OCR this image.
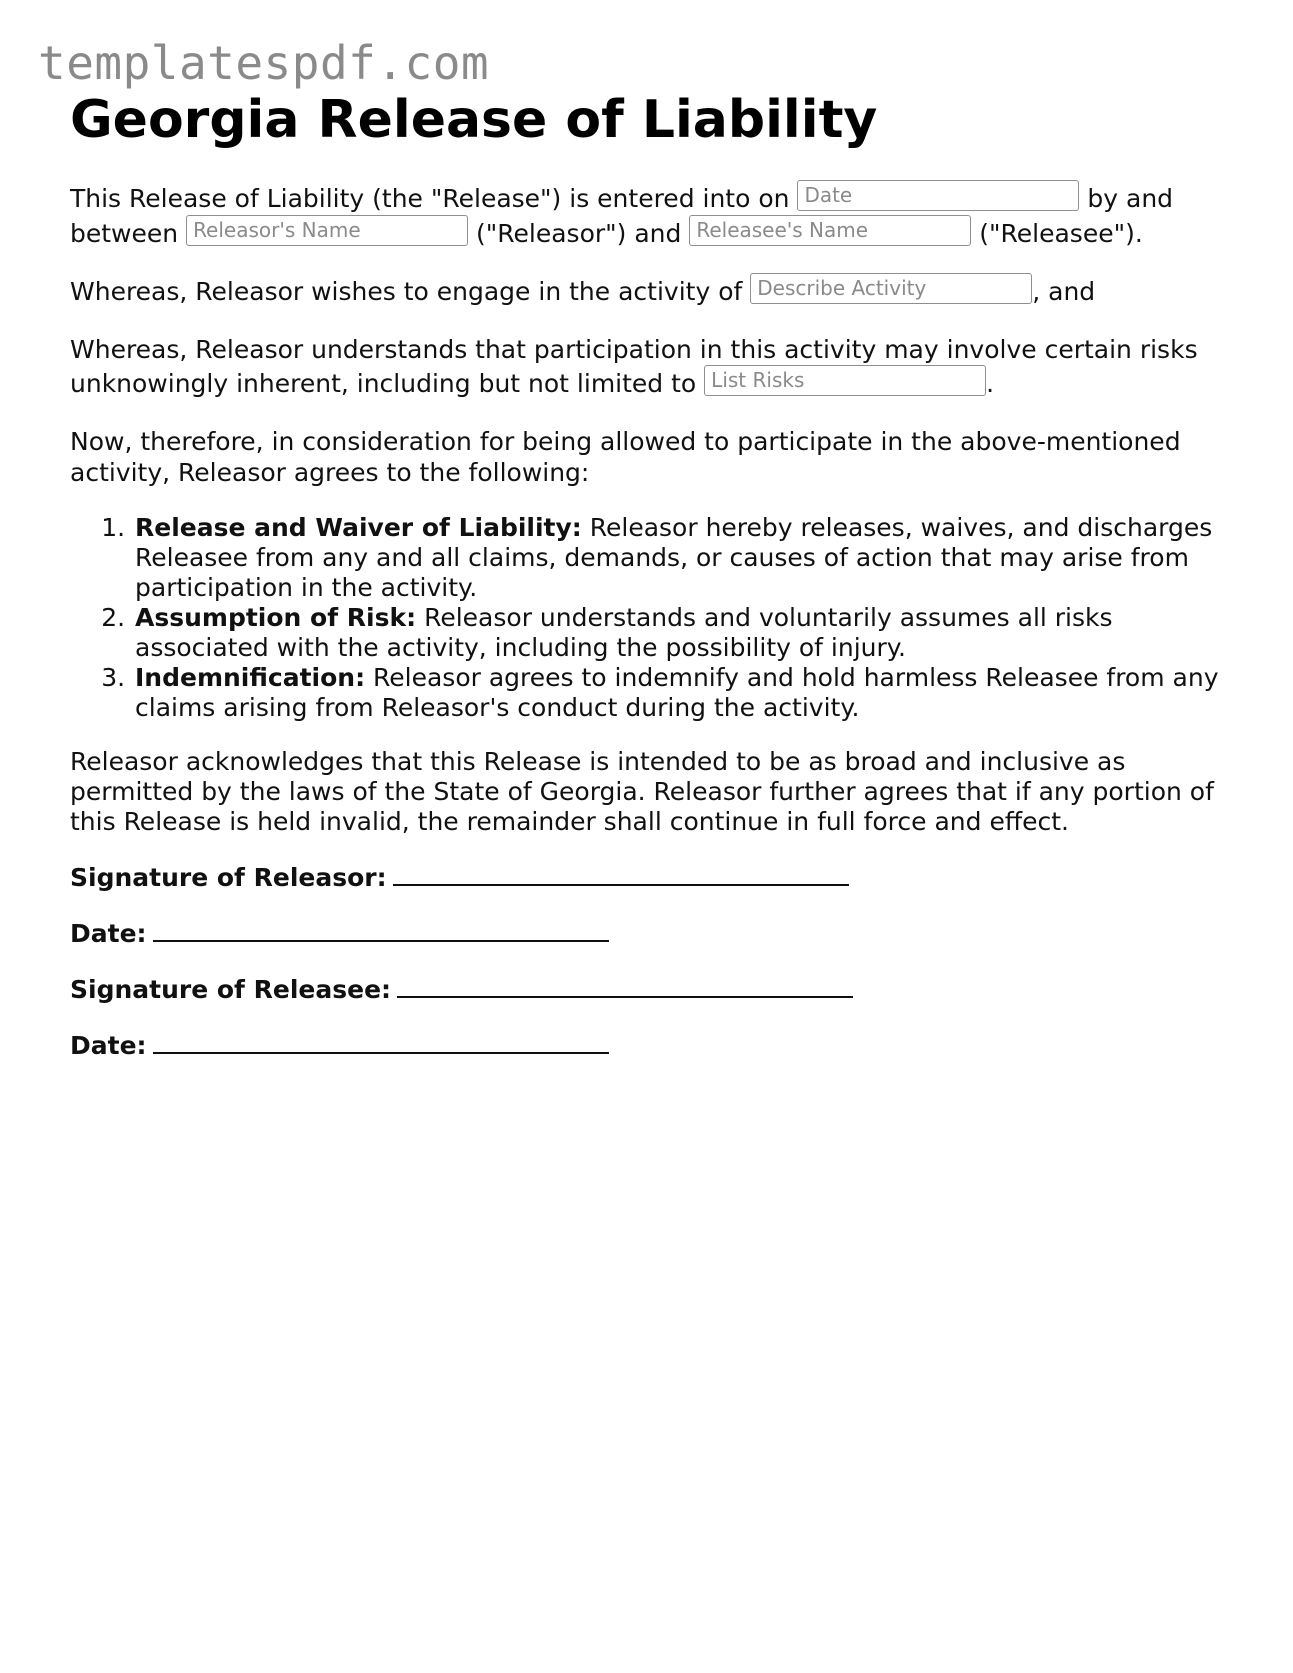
templatespdf.com
Georgia Release of Liability

This Release of Liability (the "Release") is entered into on Date	by and between Releasor's Name	("Releasor") and Releasee's Name	("Releasee").

Whereas, Releasor wishes to engage in the activity of Describe Activity	, and

Whereas, Releasor understands that participation in this activity may involve certain risks unknowingly inherent, including but not limited to List Risks	.

Now, therefore, in consideration for being allowed to participate in the above-mentioned activity, Releasor agrees to the following:

1. Release and Waiver of Liability: Releasor hereby releases, waives, and discharges Releasee from any and all claims, demands, or causes of action that may arise from participation in the activity.
2. Assumption of Risk: Releasor understands and voluntarily assumes all risks associated with the activity, including the possibility of injury.
3. Indemnification: Releasor agrees to indemnify and hold harmless Releasee from any claims arising from Releasor's conduct during the activity.

Releasor acknowledges that this Release is intended to be as broad and inclusive as permitted by the laws of the State of Georgia. Releasor further agrees that if any portion of this Release is held invalid, the remainder shall continue in full force and effect.

Signature of Releasor:
Date:
Signature of Releasee:
Date:
